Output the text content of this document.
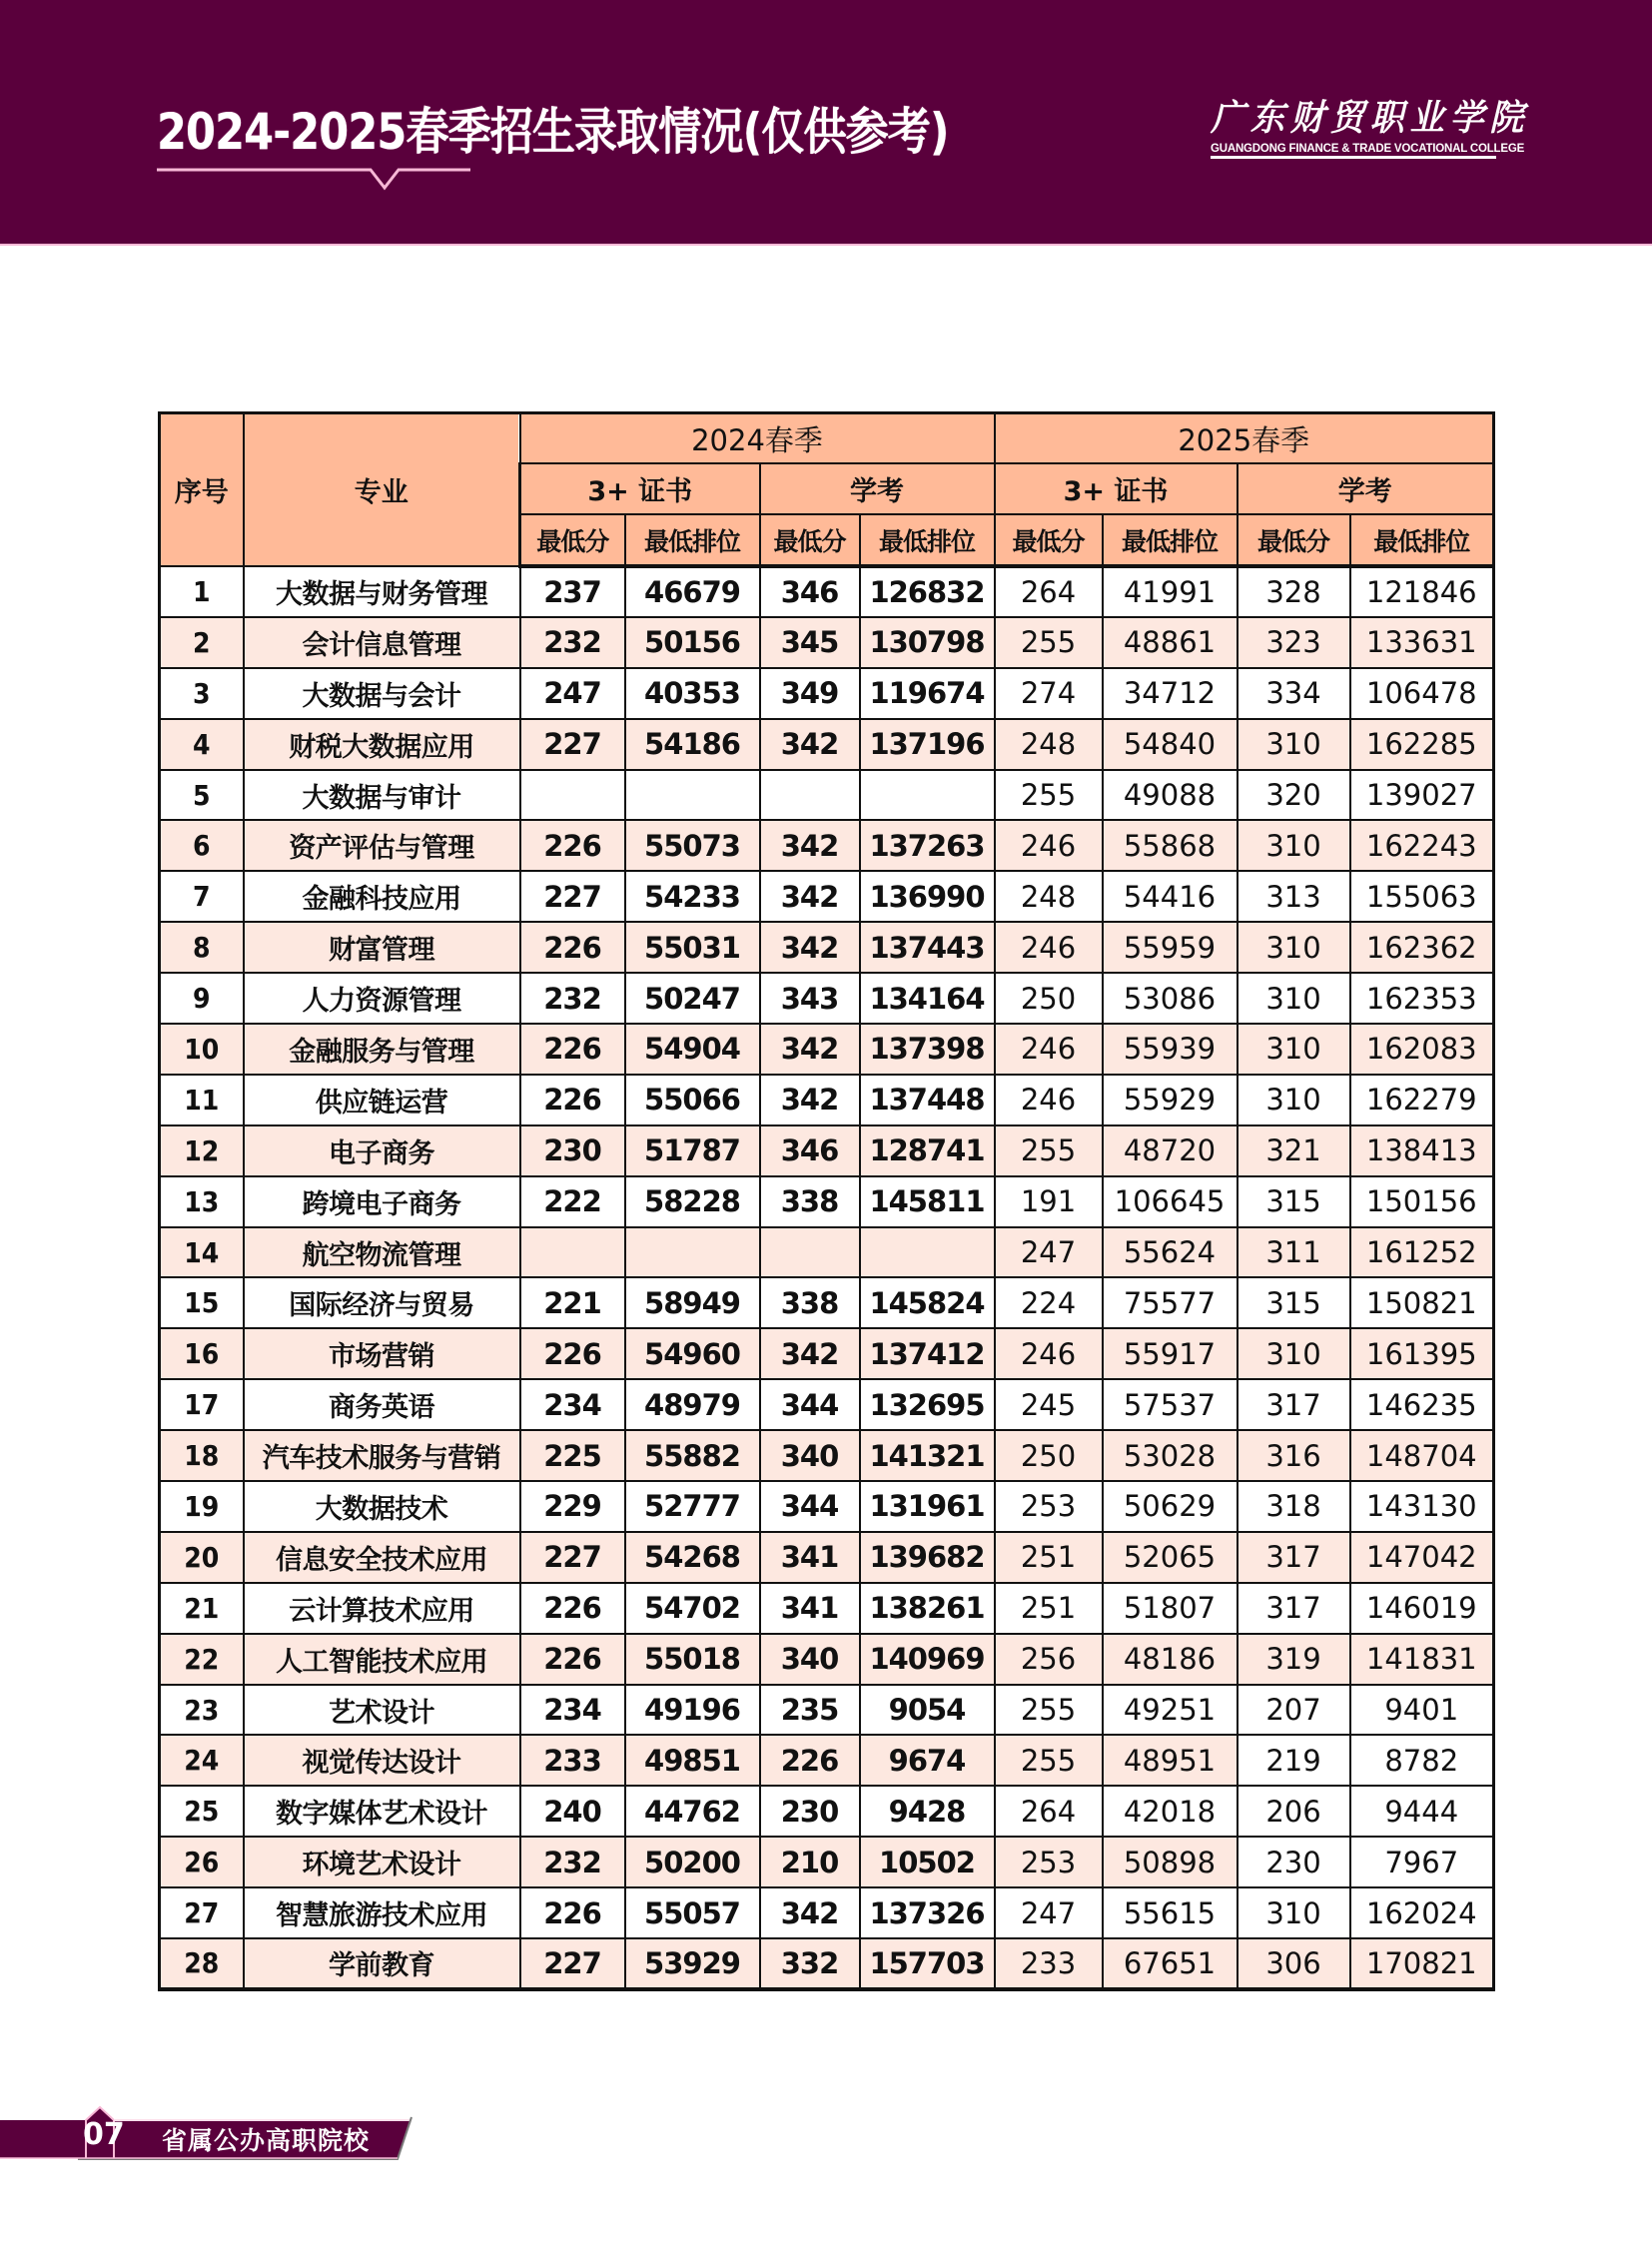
2024-2025春季招生录取情况(仅供参考)	广东财贸职业学院
GUANGDONG FINANCE & TRADE VOCATIONAL COLLEGE
序号	专业	2024春季				2025春季			
		3+ 证书		学考		3+ 证书		学考	
		最低分	最低排位	最低分	最低排位	最低分	最低排位	最低分	最低排位
1	大数据与财务管理	237	46679	346	126832	264	41991	328	121846
2	会计信息管理	232	50156	345	130798	255	48861	323	133631
3	大数据与会计	247	40353	349	119674	274	34712	334	106478
4	财税大数据应用	227	54186	342	137196	248	54840	310	162285
5	大数据与审计					255	49088	320	139027
6	资产评估与管理	226	55073	342	137263	246	55868	310	162243
7	金融科技应用	227	54233	342	136990	248	54416	313	155063
8	财富管理	226	55031	342	137443	246	55959	310	162362
9	人力资源管理	232	50247	343	134164	250	53086	310	162353
10	金融服务与管理	226	54904	342	137398	246	55939	310	162083
11	供应链运营	226	55066	342	137448	246	55929	310	162279
12	电子商务	230	51787	346	128741	255	48720	321	138413
13	跨境电子商务	222	58228	338	145811	191	106645	315	150156
14	航空物流管理					247	55624	311	161252
15	国际经济与贸易	221	58949	338	145824	224	75577	315	150821
16	市场营销	226	54960	342	137412	246	55917	310	161395
17	商务英语	234	48979	344	132695	245	57537	317	146235
18	汽车技术服务与营销	225	55882	340	141321	250	53028	316	148704
19	大数据技术	229	52777	344	131961	253	50629	318	143130
20	信息安全技术应用	227	54268	341	139682	251	52065	317	147042
21	云计算技术应用	226	54702	341	138261	251	51807	317	146019
22	人工智能技术应用	226	55018	340	140969	256	48186	319	141831
23	艺术设计	234	49196	235	9054	255	49251	207	9401
24	视觉传达设计	233	49851	226	9674	255	48951	219	8782
25	数字媒体艺术设计	240	44762	230	9428	264	42018	206	9444
26	环境艺术设计	232	50200	210	10502	253	50898	230	7967
27	智慧旅游技术应用	226	55057	342	137326	247	55615	310	162024
28	学前教育	227	53929	332	157703	233	67651	306	170821
07 省属公办高职院校
